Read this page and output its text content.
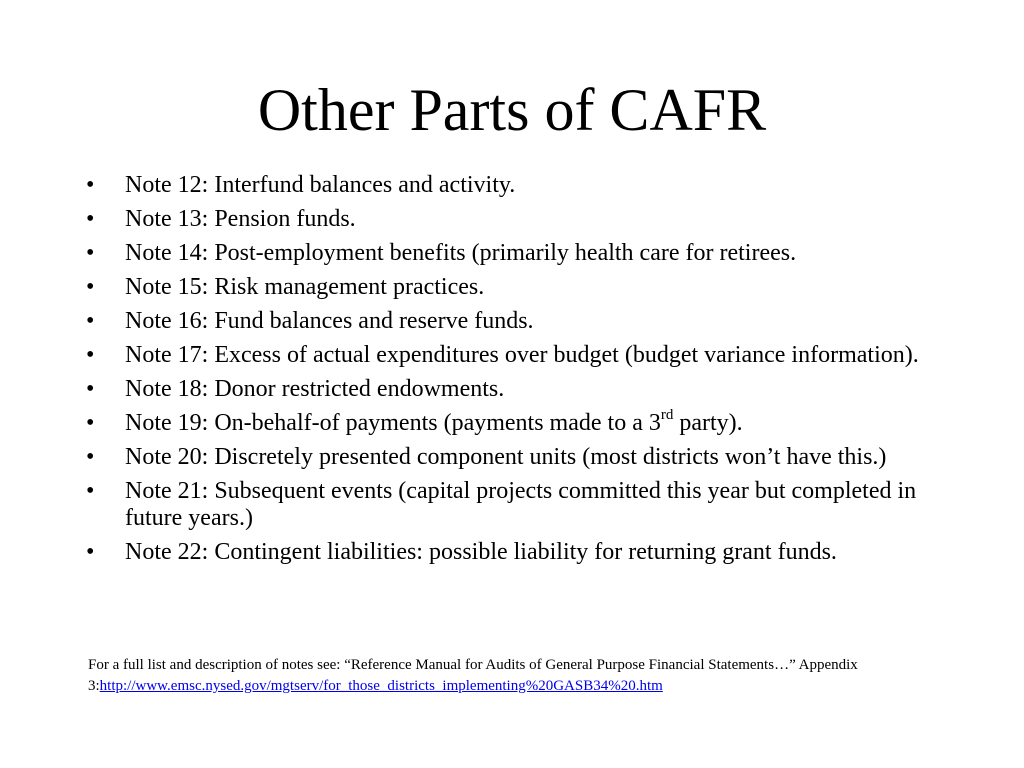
Other Parts of CAFR
• Note 12: Interfund balances and activity.
• Note 13: Pension funds.
• Note 14: Post-employment benefits (primarily health care for retirees.
• Note 15: Risk management practices.
• Note 16: Fund balances and reserve funds.
• Note 17: Excess of actual expenditures over budget (budget variance information).
• Note 18: Donor restricted endowments.
• Note 19: On-behalf-of payments (payments made to a 3rd party).
• Note 20: Discretely presented component units (most districts won’t have this.)
• Note 21: Subsequent events (capital projects committed this year but completed in future years.)
• Note 22: Contingent liabilities: possible liability for returning grant funds.

For a full list and description of notes see: “Reference Manual for Audits of General Purpose Financial Statements…” Appendix 3:http://www.emsc.nysed.gov/mgtserv/for_those_districts_implementing%20GASB34%20.htm
